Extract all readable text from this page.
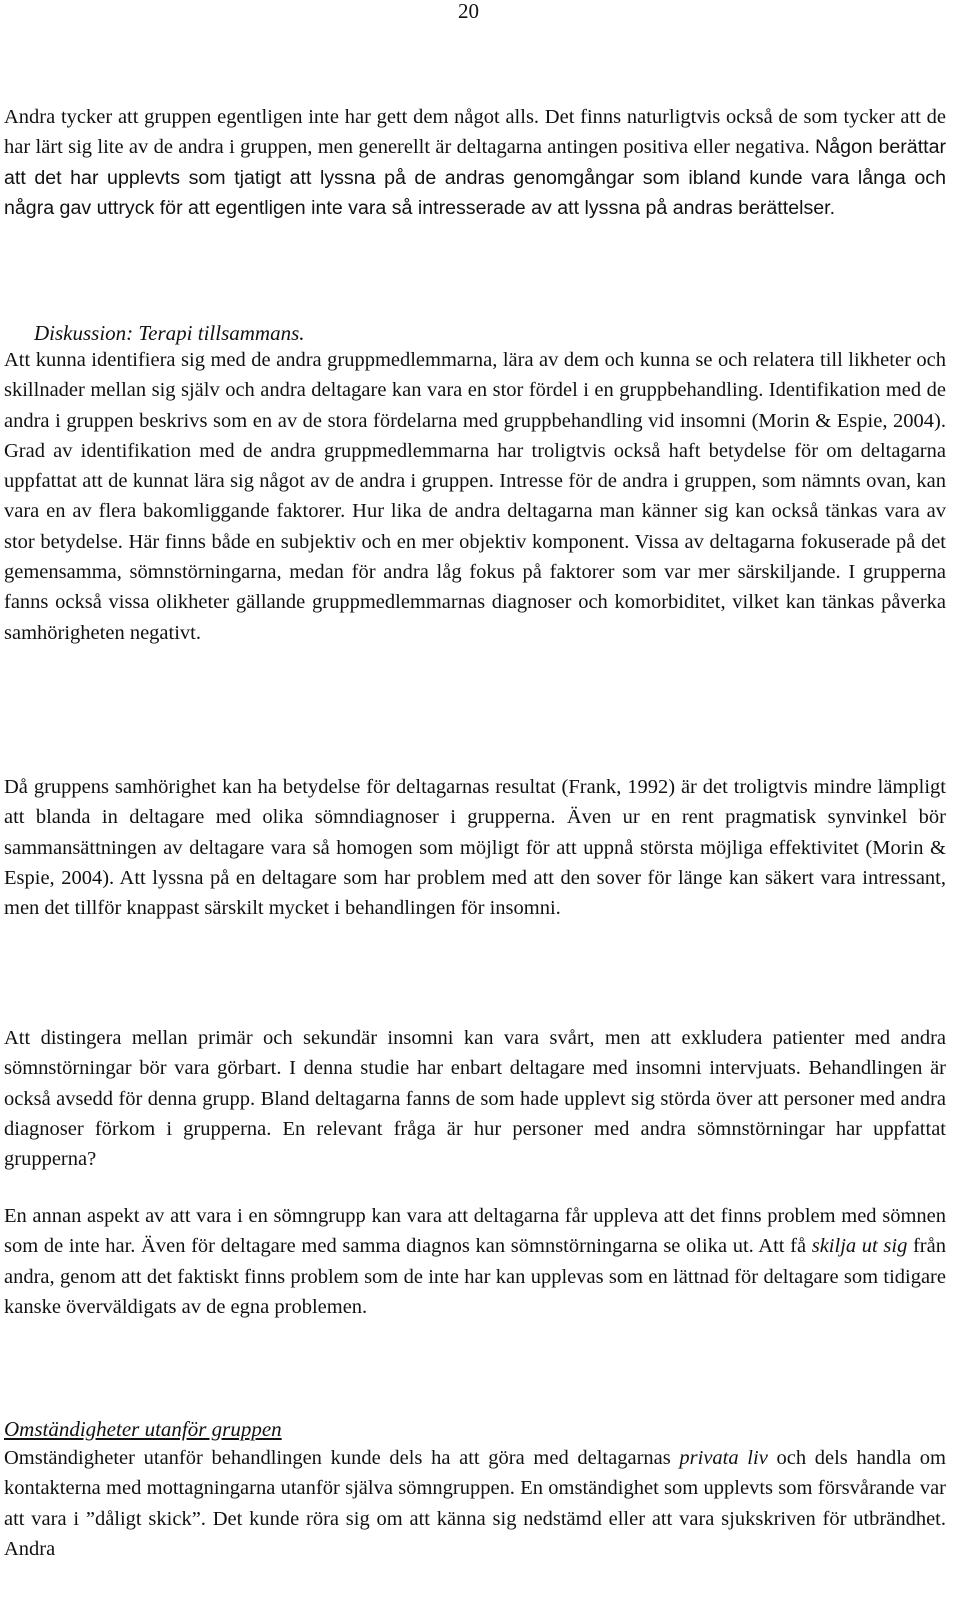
20

Andra tycker att gruppen egentligen inte har gett dem något alls. Det finns naturligtvis också de som tycker att de har lärt sig lite av de andra i gruppen, men generellt är deltagarna antingen positiva eller negativa. Någon berättar att det har upplevts som tjatigt att lyssna på de andras genomgångar som ibland kunde vara långa och några gav uttryck för att egentligen inte vara så intresserade av att lyssna på andras berättelser.

Diskussion: Terapi tillsammans.

Att kunna identifiera sig med de andra gruppmedlemmarna, lära av dem och kunna se och relatera till likheter och skillnader mellan sig själv och andra deltagare kan vara en stor fördel i en gruppbehandling. Identifikation med de andra i gruppen beskrivs som en av de stora fördelarna med gruppbehandling vid insomni (Morin & Espie, 2004). Grad av identifikation med de andra gruppmedlemmarna har troligtvis också haft betydelse för om deltagarna uppfattat att de kunnat lära sig något av de andra i gruppen. Intresse för de andra i gruppen, som nämnts ovan, kan vara en av flera bakomliggande faktorer. Hur lika de andra deltagarna man känner sig kan också tänkas vara av stor betydelse. Här finns både en subjektiv och en mer objektiv komponent. Vissa av deltagarna fokuserade på det gemensamma, sömnstörningarna, medan för andra låg fokus på faktorer som var mer särskiljande. I grupperna fanns också vissa olikheter gällande gruppmedlemmarnas diagnoser och komorbiditet, vilket kan tänkas påverka samhörigheten negativt.

Då gruppens samhörighet kan ha betydelse för deltagarnas resultat (Frank, 1992) är det troligtvis mindre lämpligt att blanda in deltagare med olika sömndiagnoser i grupperna. Även ur en rent pragmatisk synvinkel bör sammansättningen av deltagare vara så homogen som möjligt för att uppnå största möjliga effektivitet (Morin & Espie, 2004). Att lyssna på en deltagare som har problem med att den sover för länge kan säkert vara intressant, men det tillför knappast särskilt mycket i behandlingen för insomni.

Att distingera mellan primär och sekundär insomni kan vara svårt, men att exkludera patienter med andra sömnstörningar bör vara görbart. I denna studie har enbart deltagare med insomni intervjuats. Behandlingen är också avsedd för denna grupp. Bland deltagarna fanns de som hade upplevt sig störda över att personer med andra diagnoser förkom i grupperna. En relevant fråga är hur personer med andra sömnstörningar har uppfattat grupperna?

En annan aspekt av att vara i en sömngrupp kan vara att deltagarna får uppleva att det finns problem med sömnen som de inte har. Även för deltagare med samma diagnos kan sömnstörningarna se olika ut. Att få skilja ut sig från andra, genom att det faktiskt finns problem som de inte har kan upplevas som en lättnad för deltagare som tidigare kanske överväldigats av de egna problemen.

Omständigheter utanför gruppen

Omständigheter utanför behandlingen kunde dels ha att göra med deltagarnas privata liv och dels handla om kontakterna med mottagningarna utanför själva sömngruppen. En omständighet som upplevts som försvårande var att vara i ”dåligt skick”. Det kunde röra sig om att känna sig nedstämd eller att vara sjukskriven för utbrändhet. Andra
